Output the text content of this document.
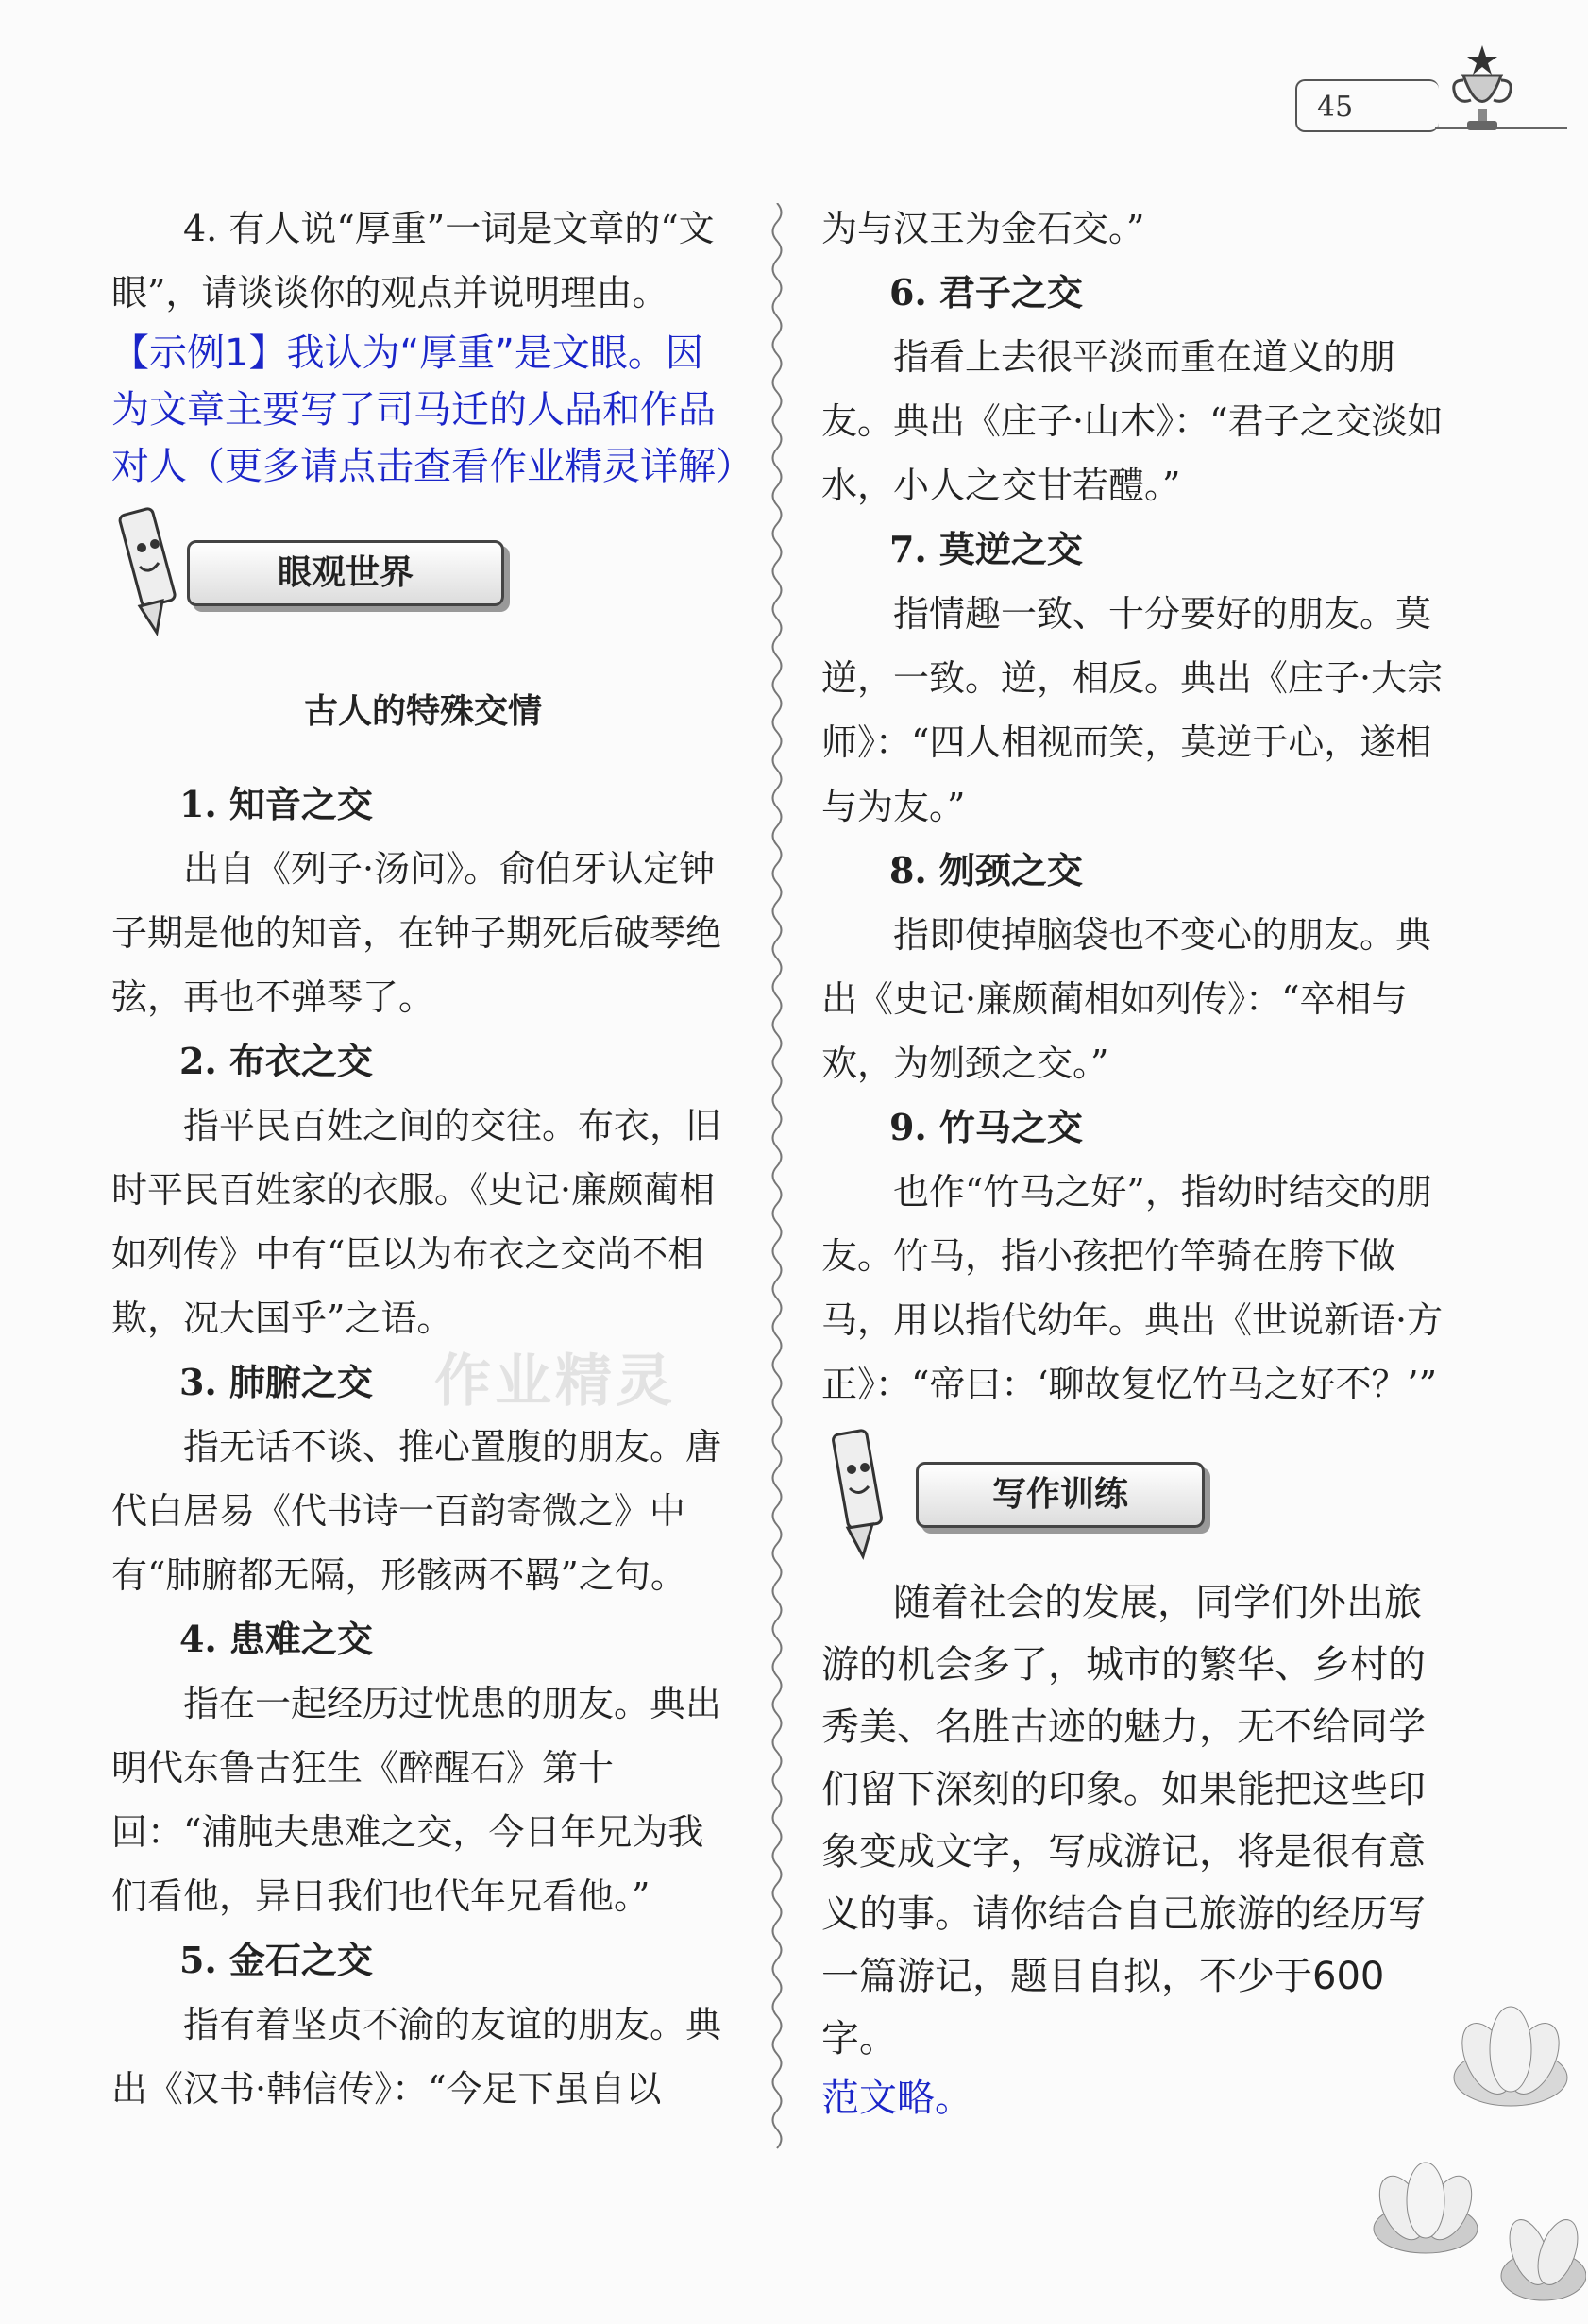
45

4. 有人说“厚重”一词是文章的“文眼”，请谈谈你的观点并说明理由。

【示例1】我认为“厚重”是文眼。因为文章主要写了司马迁的人品和作品对人（更多请点击查看作业精灵详解）

眼观世界
古人的特殊交情

1. 知音之交

出自《列子·汤问》。俞伯牙认定钟子期是他的知音，在钟子期死后破琴绝弦，再也不弹琴了。

2. 布衣之交

指平民百姓之间的交往。布衣，旧时平民百姓家的衣服。《史记·廉颇蔺相如列传》中有“臣以为布衣之交尚不相欺，况大国乎”之语。

3. 肺腑之交

指无话不谈、推心置腹的朋友。唐代白居易《代书诗一百韵寄微之》中有“肺腑都无隔，形骸两不羁”之句。

4. 患难之交

指在一起经历过忧患的朋友。典出明代东鲁古狂生《醉醒石》第十回：“浦肫夫患难之交，今日年兄为我们看他，异日我们也代年兄看他。”

5. 金石之交

指有着坚贞不渝的友谊的朋友。典出《汉书·韩信传》：“今足下虽自以

作业精灵

为与汉王为金石交。”

6. 君子之交

指看上去很平淡而重在道义的朋友。典出《庄子·山木》：“君子之交淡如水，小人之交甘若醴。”

7. 莫逆之交

指情趣一致、十分要好的朋友。莫逆，一致。逆，相反。典出《庄子·大宗师》：“四人相视而笑，莫逆于心，遂相与为友。”

8. 刎颈之交

指即使掉脑袋也不变心的朋友。典出《史记·廉颇蔺相如列传》：“卒相与欢，为刎颈之交。”

9. 竹马之交

也作“竹马之好”，指幼时结交的朋友。竹马，指小孩把竹竿骑在胯下做马，用以指代幼年。典出《世说新语·方正》：“帝曰：‘聊故复忆竹马之好不？’”

写作训练

随着社会的发展，同学们外出旅游的机会多了，城市的繁华、乡村的秀美、名胜古迹的魅力，无不给同学们留下深刻的印象。如果能把这些印象变成文字，写成游记，将是很有意义的事。请你结合自己旅游的经历写一篇游记，题目自拟，不少于600字。

范文略。
